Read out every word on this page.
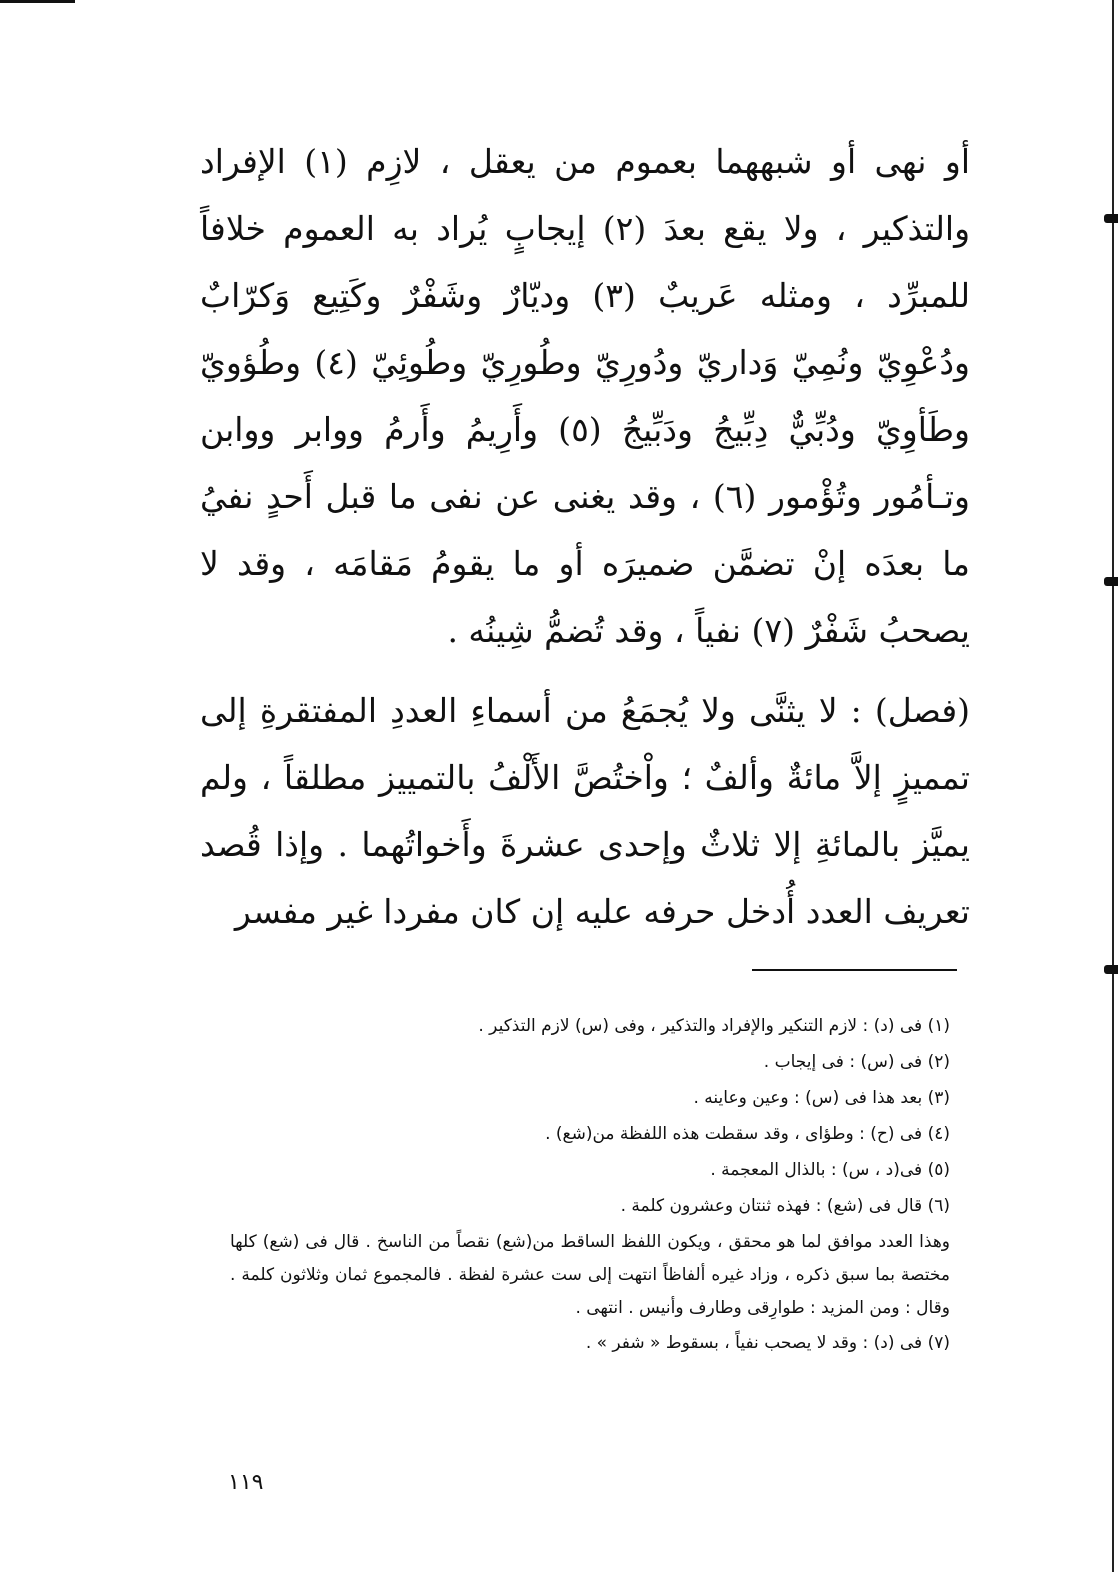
أو نهى أو شبههما بعموم من يعقل ، لازِم (١) الإفراد والتذكير ، ولا يقع بعدَ (٢) إيجابٍ يُراد به العموم خلافاً للمبرِّد ، ومثله عَريبٌ (٣) وديّارٌ وشَفْرٌ وكَتِيع وَكرّابٌ ودُعْوِيّ ونُمِيّ وَداريّ ودُورِيّ وطُورِيّ وطُوئِيّ (٤) وطُؤويّ وطَأوِيّ ودُبِّيٌّ دِبِّيجُ ودَبِّيجُ (٥) وأَرِيمُ وأَرمُ ووابر ووابن وتـأمُور وتُؤْمور (٦) ، وقد يغنى عن نفى ما قبل أَحدٍ نفيُ ما بعدَه إنْ تضمَّن ضميرَه أو ما يقومُ مَقامَه ، وقد لا يصحبُ شَفْرٌ (٧) نفياً ، وقد تُضمُّ شِينُه .
(فصل) : لا يثنَّى ولا يُجمَعُ من أسماءِ العددِ المفتقرةِ إلى تمميزٍ إلاَّ مائةٌ وألفٌ ؛ واْختُصَّ الأَلْفُ بالتمييز مطلقاً ، ولم يميَّز بالمائةِ إلا ثلاثٌ وإحدى عشرةَ وأَخواتُهما . وإذا قُصد تعريف العدد أُدخل حرفه عليه إن كان مفردا غير مفسر
(١) فى (د) : لازم التنكير والإفراد والتذكير ، وفى (س) لازم التذكير .
(٢) فى (س) : فى إيجاب .
(٣) بعد هذا فى (س) : وعين وعاينه .
(٤) فى (ح) : وطؤاى ، وقد سقطت هذه اللفظة من(شع) .
(٥) فى(د ، س) : بالذال المعجمة .
(٦) قال فى (شع) : فهذه ثنتان وعشرون كلمة .
وهذا العدد موافق لما هو محقق ، ويكون اللفظ الساقط من(شع) نقصاً من الناسخ . قال فى (شع) كلها مختصة بما سبق ذكره ، وزاد غيره ألفاظاً انتهت إلى ست عشرة لفظة . فالمجموع ثمان وثلاثون كلمة . وقال : ومن المزيد : طوارِقى وطارف وأنيس . انتهى .
(٧) فى (د) : وقد لا يصحب نفياً ، بسقوط « شفر » .
١١٩
